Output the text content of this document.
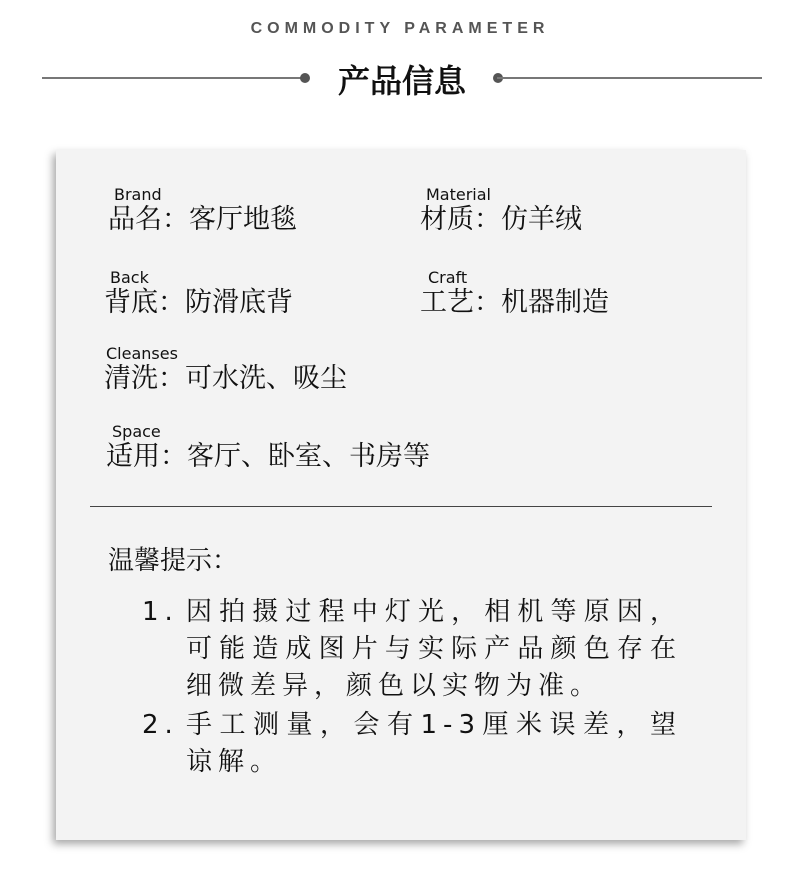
COMMODITY PARAMETER
产品信息
Brand
品名：客厅地毯
Material
材质：仿羊绒
Back
背底：防滑底背
Craft
工艺：机器制造
Cleanses
清洗：可水洗、吸尘
Space
适用：客厅、卧室、书房等
温馨提示：
1. 因拍摄过程中灯光，相机等原因，可能造成图片与实际产品颜色存在细微差异，颜色以实物为准。
2. 手工测量，会有1-3厘米误差，望谅解。
